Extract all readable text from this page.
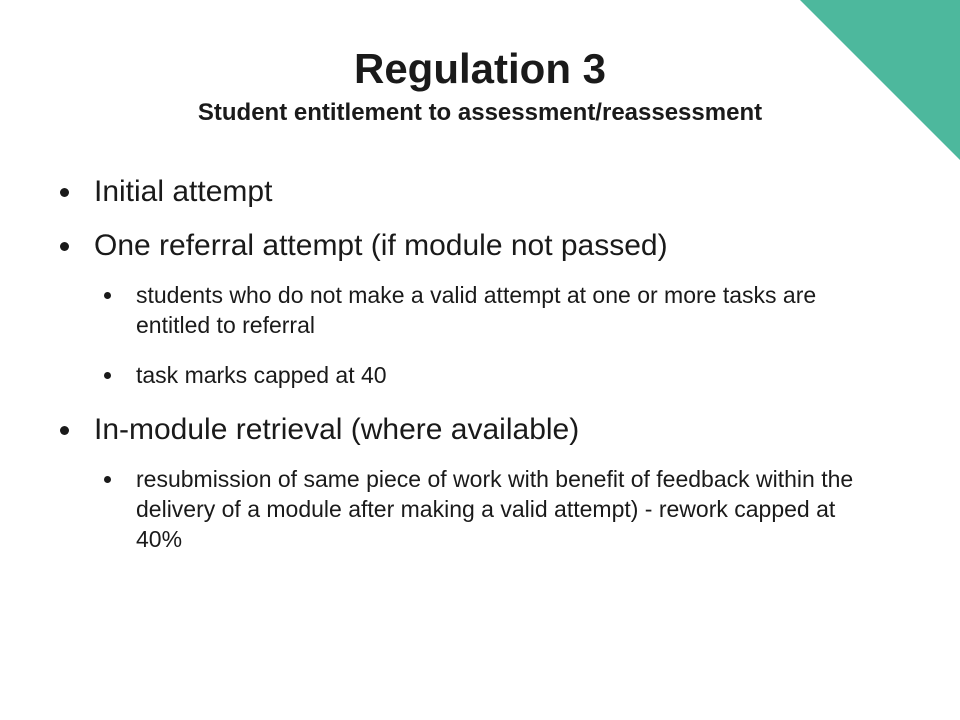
Regulation 3
Student entitlement to assessment/reassessment
Initial attempt
One referral attempt (if module not passed)
students who do not make a valid attempt at one or more tasks are entitled to referral
task marks capped at 40
In-module retrieval (where available)
resubmission of same piece of work with benefit of feedback within the delivery of a module after making a valid attempt) - rework capped at 40%
